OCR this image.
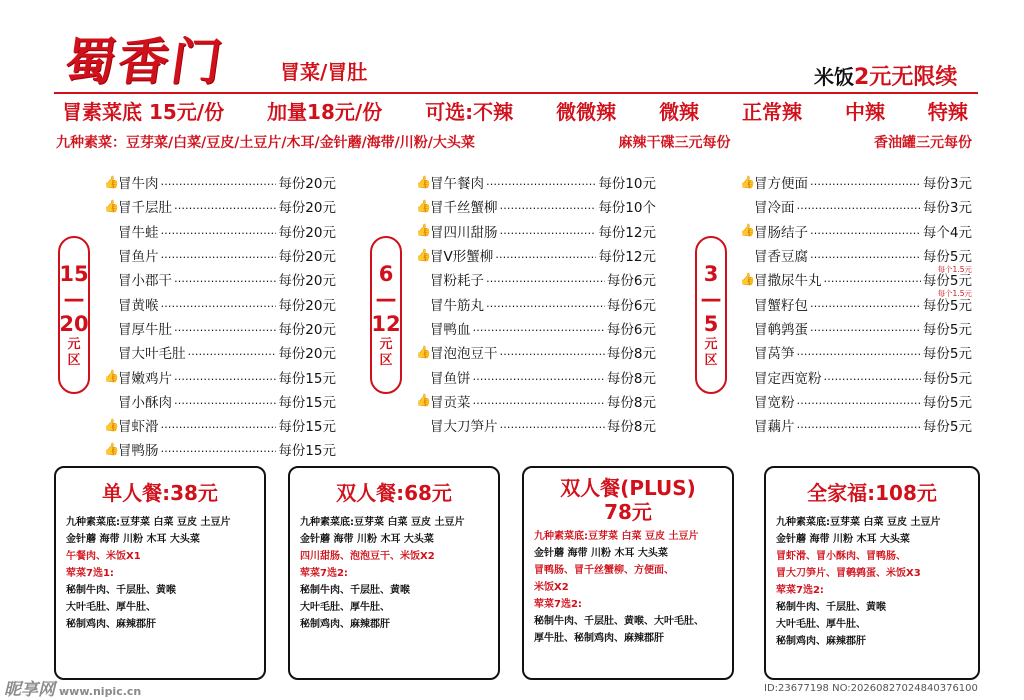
蜀香门	冒菜/冒肚	米饭2元无限续
冒素菜底 15元/份 加量18元/份 可选:不辣 微微辣 微辣 正常辣 中辣 特辣
九种素菜：豆芽菜/白菜/豆皮/土豆片/木耳/金针蘑/海带/川粉/大头菜	麻辣干碟三元每份	香油罐三元每份
15
—
20
元
区
6
—
12
元
区
3
—
5
元
区
👍 冒牛肉 …………………………………………	每份20元
👍 冒千层肚 …………………………………………	每份20元
冒牛蛙 …………………………………………	每份20元
冒鱼片 …………………………………………	每份20元
冒小郡干 …………………………………………	每份20元
冒黄喉 …………………………………………	每份20元
冒厚牛肚 …………………………………………	每份20元
冒大叶毛肚 …………………………………………	每份20元
👍 冒嫩鸡片 …………………………………………	每份15元
冒小酥肉 …………………………………………	每份15元
👍 冒虾滑 …………………………………………	每份15元
👍 冒鸭肠 …………………………………………	每份15元
👍 冒午餐肉 …………………………………………	每份10元
👍 冒千丝蟹柳 …………………………………………	每份10个
👍 冒四川甜肠 …………………………………………	每份12元
👍 冒V形蟹柳 …………………………………………	每份12元
冒粉耗子 …………………………………………	每份6元
冒牛筋丸 …………………………………………	每份6元
冒鸭血 …………………………………………	每份6元
👍 冒泡泡豆干 …………………………………………	每份8元
冒鱼饼 …………………………………………	每份8元
👍 冒贡菜 …………………………………………	每份8元
冒大刀笋片 …………………………………………	每份8元
👍 冒方便面 …………………………………………	每份3元
冒冷面 …………………………………………	每份3元
👍 冒肠结子 …………………………………………	每个4元
冒香豆腐 …………………………………………	每份5元
每个1.5元
👍 冒撒尿牛丸 …………………………………………	每份5元
每个1.5元
冒蟹籽包 …………………………………………	每份5元
冒鹌鹑蛋 …………………………………………	每份5元
冒莴笋 …………………………………………	每份5元
冒定西宽粉 …………………………………………	每份5元
冒宽粉 …………………………………………	每份5元
冒藕片 …………………………………………	每份5元
单人餐:38元
九种素菜底:豆芽菜 白菜 豆皮 土豆片
金针蘑 海带 川粉 木耳 大头菜
午餐肉、米饭X1
荤菜7选1:
秘制牛肉、千层肚、黄喉
大叶毛肚、厚牛肚、
秘制鸡肉、麻辣郡肝
双人餐:68元
九种素菜底:豆芽菜 白菜 豆皮 土豆片
金针蘑 海带 川粉 木耳 大头菜
四川甜肠、泡泡豆干、米饭X2
荤菜7选2:
秘制牛肉、千层肚、黄喉
大叶毛肚、厚牛肚、
秘制鸡肉、麻辣郡肝
双人餐(PLUS)
78元
九种素菜底:豆芽菜 白菜 豆皮 土豆片
金针蘑 海带 川粉 木耳 大头菜
冒鸭肠、冒千丝蟹柳、方便面、
米饭X2
荤菜7选2:
秘制牛肉、千层肚、黄喉、大叶毛肚、
厚牛肚、秘制鸡肉、麻辣郡肝
全家福:108元
九种素菜底:豆芽菜 白菜 豆皮 土豆片
金针蘑 海带 川粉 木耳 大头菜
冒虾滑、冒小酥肉、冒鸭肠、
冒大刀笋片、冒鹌鹑蛋、米饭X3
荤菜7选2:
秘制牛肉、千层肚、黄喉
大叶毛肚、厚牛肚、
秘制鸡肉、麻辣郡肝
昵享网 www.nipic.cn	ID:23677198 NO:20260827024840376100
